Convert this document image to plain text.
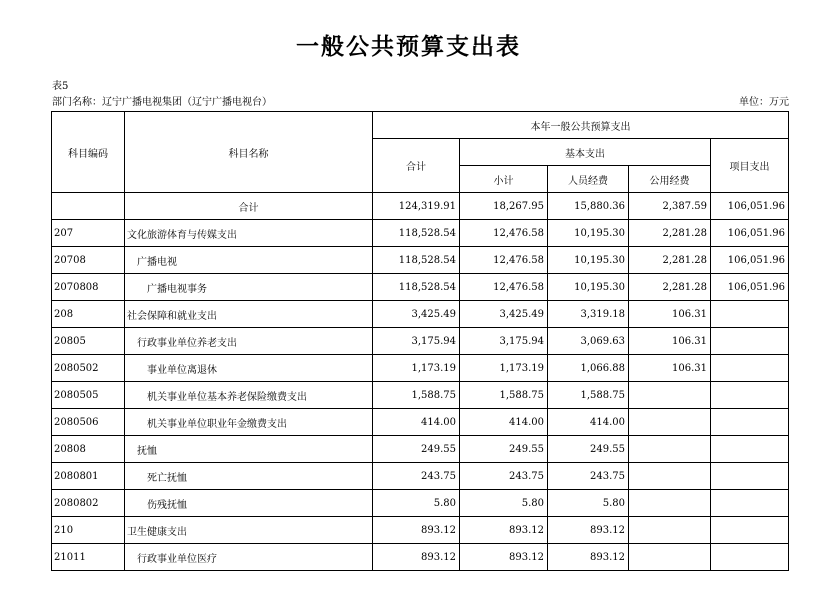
一般公共预算支出表
表5
部门名称：辽宁广播电视集团（辽宁广播电视台）	单位：万元
科目编码	科目名称	本年一般公共预算支出				
		合计	基本支出			项目支出
			小计	人员经费	公用经费	
	合计	124,319.91	18,267.95	15,880.36	2,387.59	106,051.96
207	文化旅游体育与传媒支出	118,528.54	12,476.58	10,195.30	2,281.28	106,051.96
20708	广播电视	118,528.54	12,476.58	10,195.30	2,281.28	106,051.96
2070808	广播电视事务	118,528.54	12,476.58	10,195.30	2,281.28	106,051.96
208	社会保障和就业支出	3,425.49	3,425.49	3,319.18	106.31	
20805	行政事业单位养老支出	3,175.94	3,175.94	3,069.63	106.31	
2080502	事业单位离退休	1,173.19	1,173.19	1,066.88	106.31	
2080505	机关事业单位基本养老保险缴费支出	1,588.75	1,588.75	1,588.75		
2080506	机关事业单位职业年金缴费支出	414.00	414.00	414.00		
20808	抚恤	249.55	249.55	249.55		
2080801	死亡抚恤	243.75	243.75	243.75		
2080802	伤残抚恤	5.80	5.80	5.80		
210	卫生健康支出	893.12	893.12	893.12		
21011	行政事业单位医疗	893.12	893.12	893.12		
